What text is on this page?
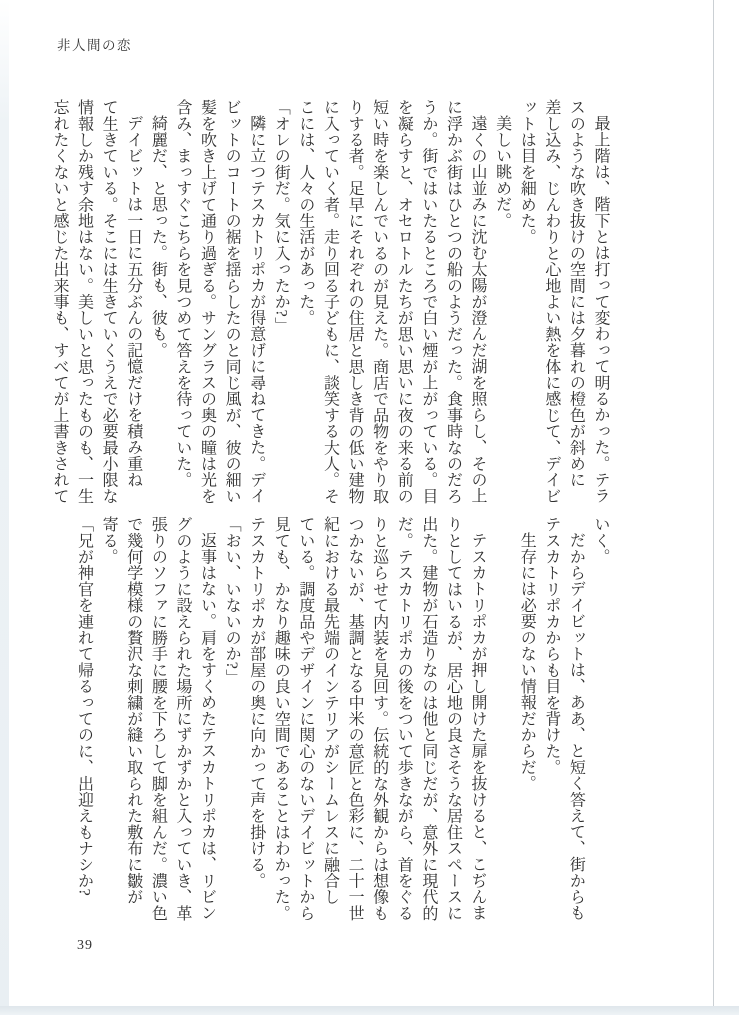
非人間の恋

最上階は、階下とは打って変わって明るかった。テラ

スのような吹き抜けの空間には夕暮れの橙色が斜めに

差し込み、じんわりと心地よい熱を体に感じて、デイビ

ットは目を細めた。

美しい眺めだ。

遠くの山並みに沈む太陽が澄んだ湖を照らし、その上

に浮かぶ街はひとつの船のようだった。食事時なのだろ

うか。街ではいたるところで白い煙が上がっている。目

を凝らすと、オセロトルたちが思い思いに夜の来る前の

短い時を楽しんでいるのが見えた。商店で品物をやり取

りする者。足早にそれぞれの住居と思しき背の低い建物

に入っていく者。走り回る子どもに、談笑する大人。そ

こには、人々の生活があった。

「オレの街だ。気に入ったか?」

隣に立つテスカトリポカが得意げに尋ねてきた。デイ

ビットのコートの裾を揺らしたのと同じ風が、彼の細い

髪を吹き上げて通り過ぎる。サングラスの奥の瞳は光を

含み、まっすぐこちらを見つめて答えを待っていた。

綺麗だ、と思った。街も、彼も。

デイビットは一日に五分ぶんの記憶だけを積み重ね

て生きている。そこには生きていくうえで必要最小限な

情報しか残す余地はない。美しいと思ったものも、一生

忘れたくないと感じた出来事も、すべてが上書きされて

いく。

だからデイビットは、ああ、と短く答えて、街からも

テスカトリポカからも目を背けた。

生存には必要のない情報だからだ。

テスカトリポカが押し開けた扉を抜けると、こぢんま

りとしてはいるが、居心地の良さそうな居住スペースに

出た。建物が石造りなのは他と同じだが、意外に現代的

だ。テスカトリポカの後をついて歩きながら、首をぐる

りと巡らせて内装を見回す。伝統的な外観からは想像も

つかないが、基調となる中米の意匠と色彩に、二十一世

紀における最先端のインテリアがシームレスに融合し

ている。調度品やデザインに関心のないデイビットから

見ても、かなり趣味の良い空間であることはわかった。

テスカトリポカが部屋の奥に向かって声を掛ける。

「おい、いないのか?」

返事はない。肩をすくめたテスカトリポカは、リビン

グのように設えられた場所にずかずかと入っていき、革

張りのソファに勝手に腰を下ろして脚を組んだ。濃い色

で幾何学模様の贅沢な刺繍が縫い取られた敷布に皺が

寄る。

「兄が神官を連れて帰るってのに、出迎えもナシか?

39
